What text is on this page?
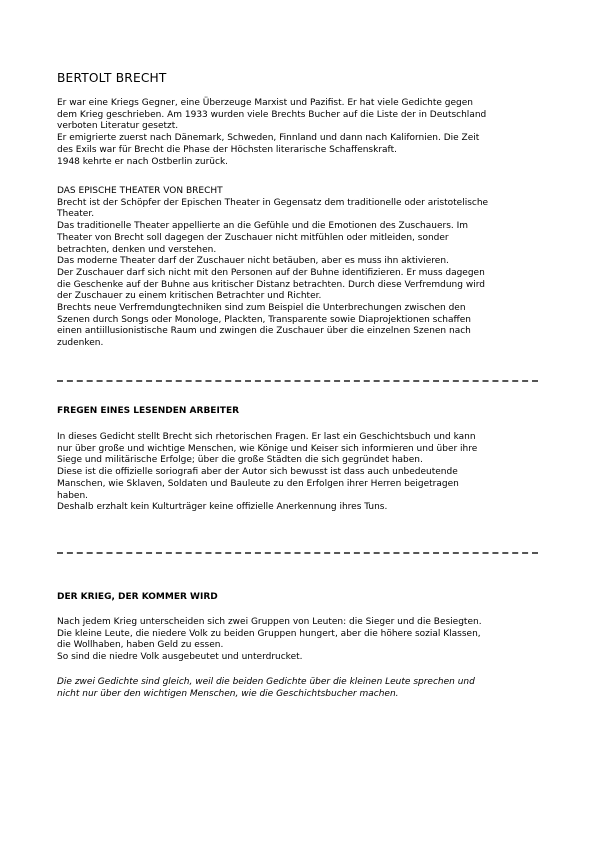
BERTOLT BRECHT
Er war eine Kriegs Gegner, eine Überzeuge Marxist und Pazifist. Er hat viele Gedichte gegen
dem Krieg geschrieben. Am 1933 wurden viele Brechts Bucher auf die Liste der in Deutschland
verboten Literatur gesetzt.
Er emigrierte zuerst nach Dänemark, Schweden, Finnland und dann nach Kalifornien. Die Zeit
des Exils war für Brecht die Phase der Höchsten literarische Schaffenskraft.
1948 kehrte er nach Ostberlin zurück.
DAS EPISCHE THEATER VON BRECHT
Brecht ist der Schöpfer der Epischen Theater in Gegensatz dem traditionelle oder aristotelische
Theater.
Das traditionelle Theater appellierte an die Gefühle und die Emotionen des Zuschauers. Im
Theater von Brecht soll dagegen der Zuschauer nicht mitfühlen oder mitleiden, sonder
betrachten, denken und verstehen.
Das moderne Theater darf der Zuschauer nicht betäuben, aber es muss ihn aktivieren.
Der Zuschauer darf sich nicht mit den Personen auf der Buhne identifizieren. Er muss dagegen
die Geschenke auf der Buhne aus kritischer Distanz betrachten. Durch diese Verfremdung wird
der Zuschauer zu einem kritischen Betrachter und Richter.
Brechts neue Verfremdungtechniken sind zum Beispiel die Unterbrechungen zwischen den
Szenen durch Songs oder Monologe, Plackten, Transparente sowie Diaprojektionen schaffen
einen antiillusionistische Raum und zwingen die Zuschauer über die einzelnen Szenen nach
zudenken.
FREGEN EINES LESENDEN ARBEITER
In dieses Gedicht stellt Brecht sich rhetorischen Fragen. Er last ein Geschichtsbuch und kann
nur über große und wichtige Menschen, wie Könige und Keiser sich informieren und über ihre
Siege und militärische Erfolge; über die große Städten die sich gegründet haben.
Diese ist die offizielle soriografi aber der Autor sich bewusst ist dass auch unbedeutende
Manschen, wie Sklaven, Soldaten und Bauleute zu den Erfolgen ihrer Herren beigetragen
haben.
Deshalb erzhalt kein Kulturträger keine offizielle Anerkennung ihres Tuns.
DER KRIEG, DER KOMMER WIRD
Nach jedem Krieg unterscheiden sich zwei Gruppen von Leuten: die Sieger und die Besiegten.
Die kleine Leute, die niedere Volk zu beiden Gruppen hungert, aber die höhere sozial Klassen,
die Wollhaben, haben Geld zu essen.
So sind die niedre Volk ausgebeutet und unterdrucket.
Die zwei Gedichte sind gleich, weil die beiden Gedichte über die kleinen Leute sprechen und
nicht nur über den wichtigen Menschen, wie die Geschichtsbucher machen.
